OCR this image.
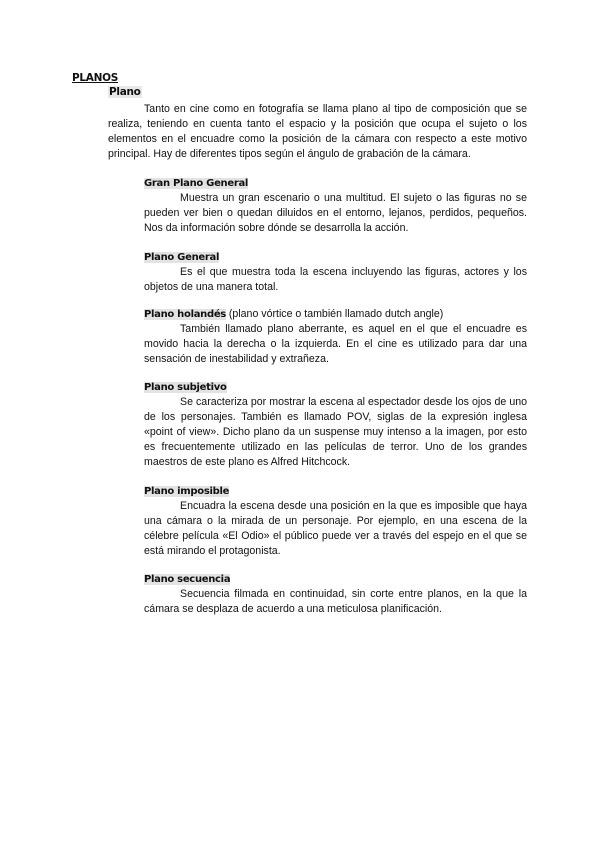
PLANOS
Plano

Tanto en cine como en fotografía se llama plano al tipo de composición que se realiza, teniendo en cuenta tanto el espacio y la posición que ocupa el sujeto o los elementos en el encuadre como la posición de la cámara con respecto a este motivo principal. Hay de diferentes tipos según el ángulo de grabación de la cámara.

Gran Plano General

Muestra un gran escenario o una multitud. El sujeto o las figuras no se pueden ver bien o quedan diluidos en el entorno, lejanos, perdidos, pequeños. Nos da información sobre dónde se desarrolla la acción.

Plano General

Es el que muestra toda la escena incluyendo las figuras, actores y los objetos de una manera total.

Plano holandés (plano vórtice o también llamado dutch angle)

También llamado plano aberrante, es aquel en el que el encuadre es movido hacia la derecha o la izquierda. En el cine es utilizado para dar una sensación de inestabilidad y extrañeza.

Plano subjetivo

Se caracteriza por mostrar la escena al espectador desde los ojos de uno de los personajes. También es llamado POV, siglas de la expresión inglesa «point of view». Dicho plano da un suspense muy intenso a la imagen, por esto es frecuentemente utilizado en las películas de terror. Uno de los grandes maestros de este plano es Alfred Hitchcock.

Plano imposible

Encuadra la escena desde una posición en la que es imposible que haya una cámara o la mirada de un personaje. Por ejemplo, en una escena de la célebre película «El Odio» el público puede ver a través del espejo en el que se está mirando el protagonista.

Plano secuencia

Secuencia filmada en continuidad, sin corte entre planos, en la que la cámara se desplaza de acuerdo a una meticulosa planificación.
